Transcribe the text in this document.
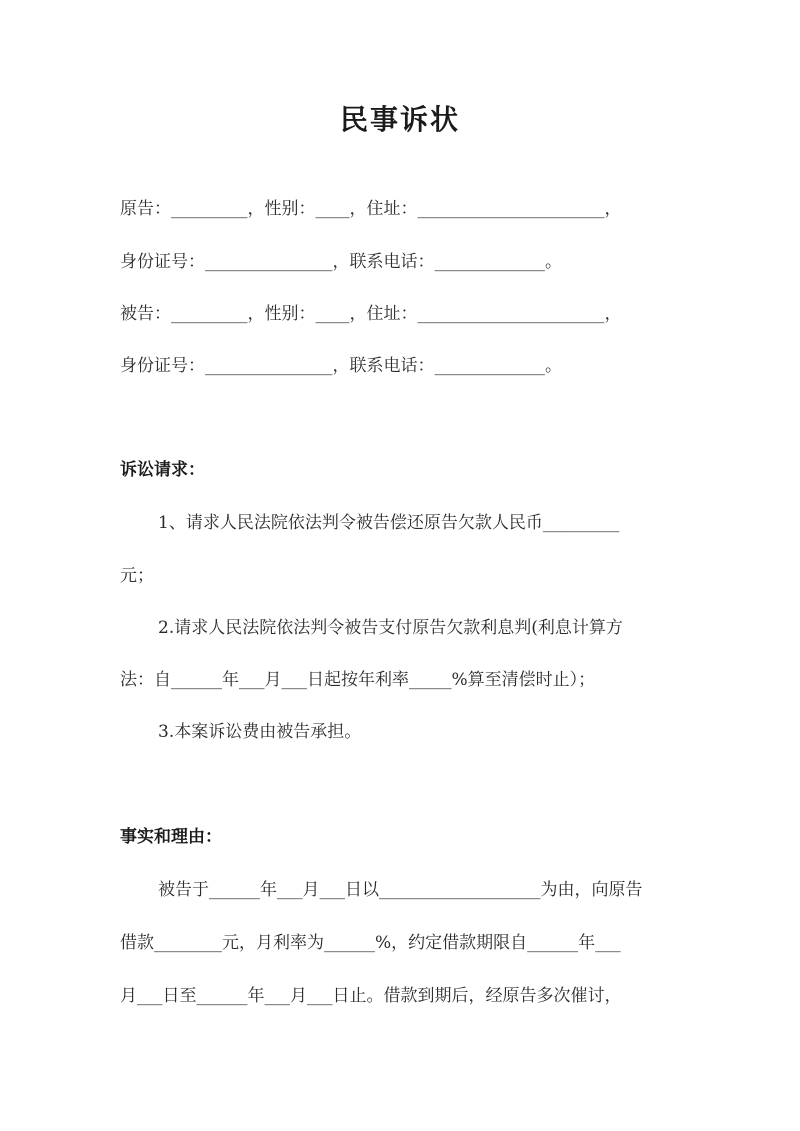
民事诉状
原告：_________，性别：____，住址：______________________，
身份证号：_______________，联系电话：_____________。
被告：_________，性别：____，住址：______________________，
身份证号：_______________，联系电话：_____________。
诉讼请求：
1、请求人民法院依法判令被告偿还原告欠款人民币_________
元；
2.请求人民法院依法判令被告支付原告欠款利息判(利息计算方
法：自______年___月___日起按年利率_____%算至清偿时止）；
3.本案诉讼费由被告承担。
事实和理由：
被告于______年___月___日以___________________为由，向原告
借款________元，月利率为______%，约定借款期限自______年___
月___日至______年___月___日止。借款到期后，经原告多次催讨，
